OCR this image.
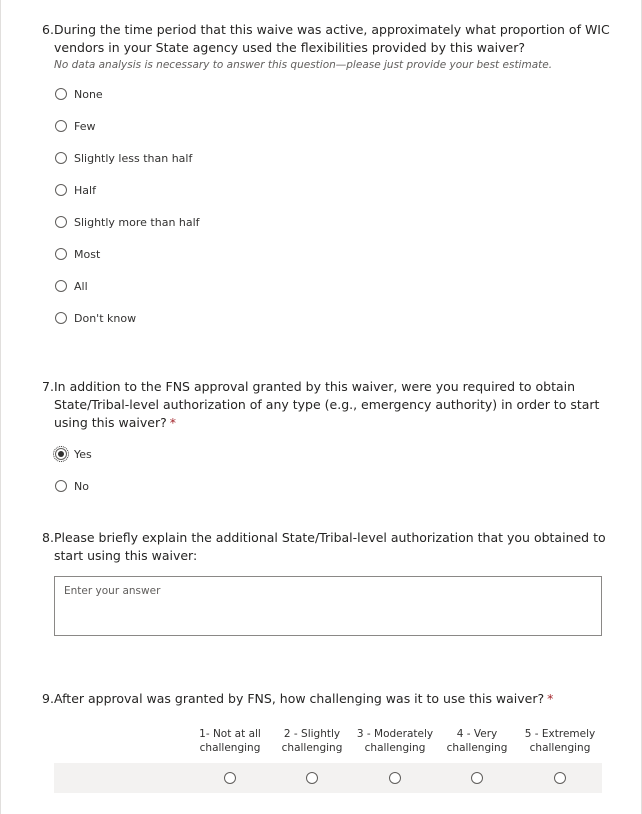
6. During the time period that this waive was active, approximately what proportion of WIC vendors in your State agency used the flexibilities provided by this waiver?
No data analysis is necessary to answer this question—please just provide your best estimate.
None
Few
Slightly less than half
Half
Slightly more than half
Most
All
Don't know
7. In addition to the FNS approval granted by this waiver, were you required to obtain State/Tribal-level authorization of any type (e.g., emergency authority) in order to start using this waiver? *
Yes
No
8. Please briefly explain the additional State/Tribal-level authorization that you obtained to start using this waiver:
Enter your answer
9. After approval was granted by FNS, how challenging was it to use this waiver? *
1- Not at all
challenging
2 - Slightly
challenging
3 - Moderately
challenging
4 - Very
challenging
5 - Extremely
challenging
